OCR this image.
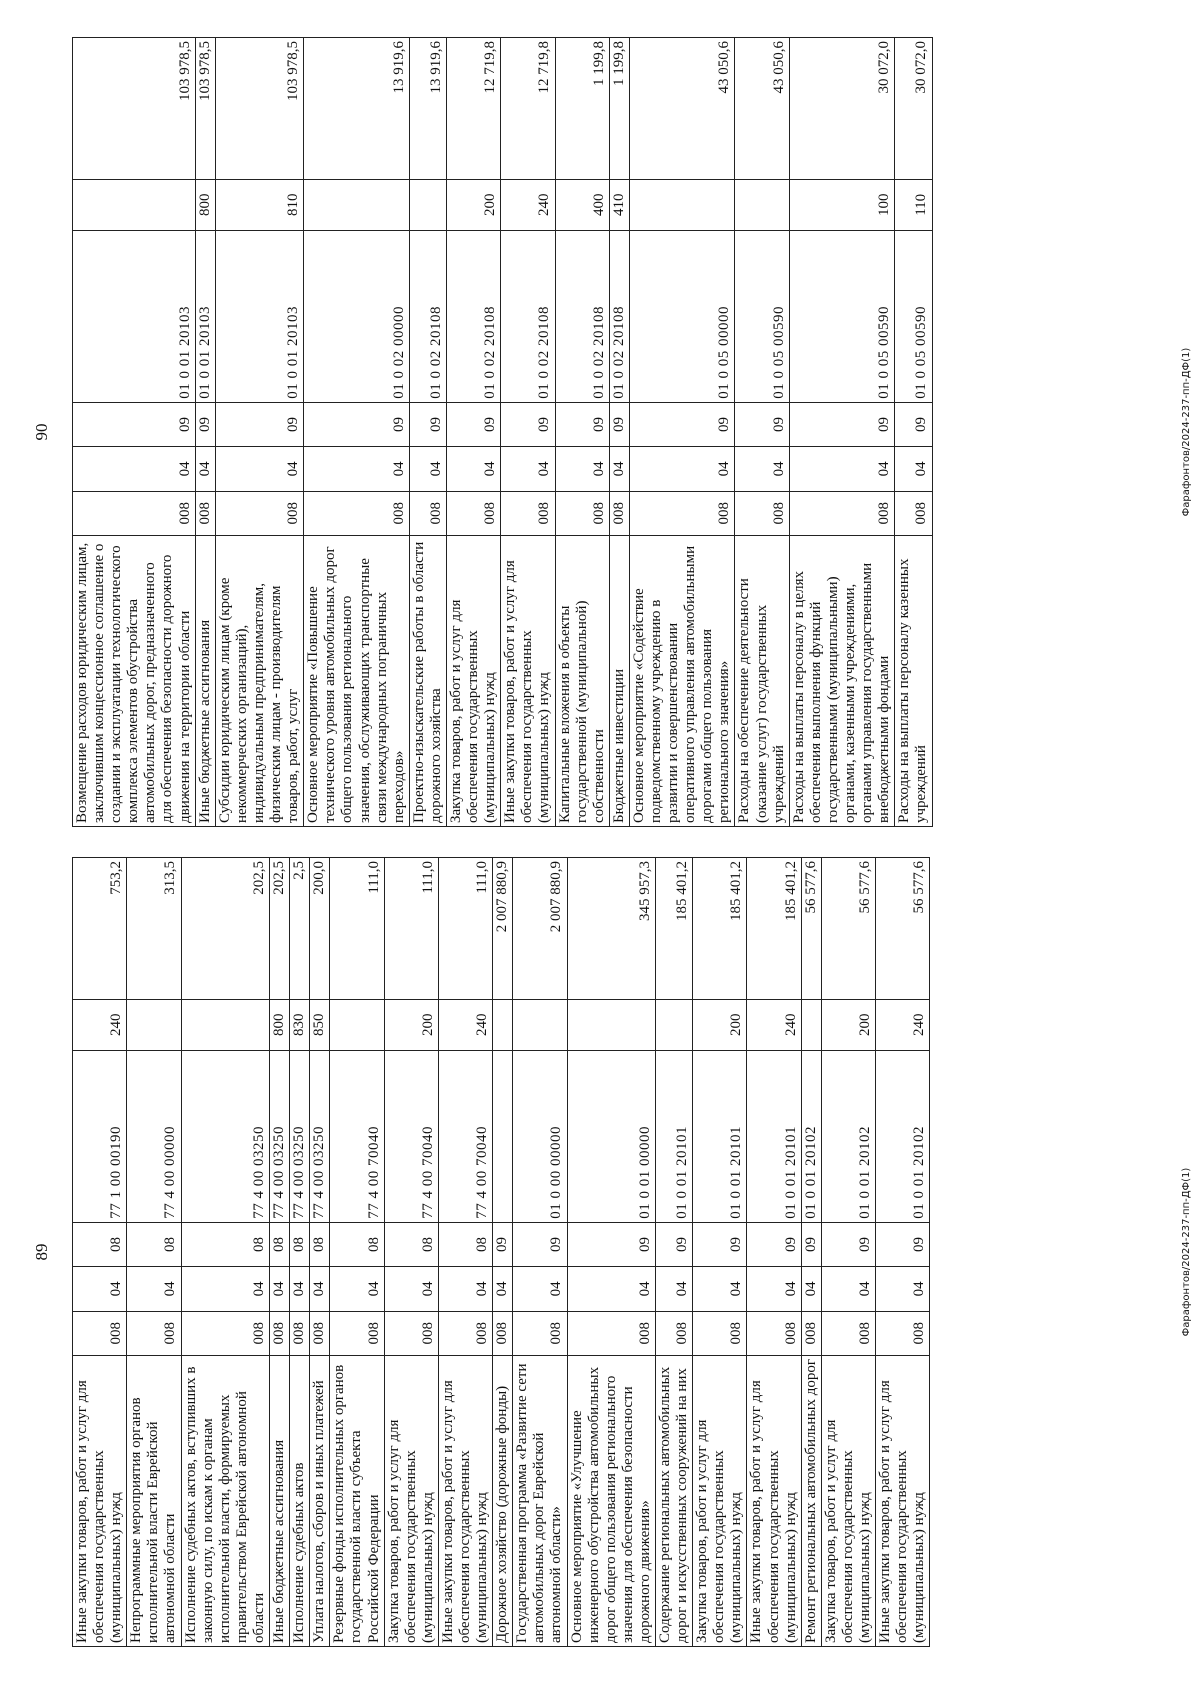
89
Иные закупки товаров, работ и услуг для обеспечения государственных (муниципальных) нужд	008	04	08	77 1 00 00190	240	753,2
Непрограммные мероприятия органов исполнительной власти Еврейской автономной области	008	04	08	77 4 00 00000		313,5
Исполнение судебных актов, вступивших в законную силу, по искам к органам исполнительной власти, формируемых правительством Еврейской автономной области	008	04	08	77 4 00 03250		202,5
Иные бюджетные ассигнования	008	04	08	77 4 00 03250	800	202,5
Исполнение судебных актов	008	04	08	77 4 00 03250	830	2,5
Уплата налогов, сборов и иных платежей	008	04	08	77 4 00 03250	850	200,0
Резервные фонды исполнительных органов государственной власти субъекта Российской Федерации	008	04	08	77 4 00 70040		111,0
Закупка товаров, работ и услуг для обеспечения государственных (муниципальных) нужд	008	04	08	77 4 00 70040	200	111,0
Иные закупки товаров, работ и услуг для обеспечения государственных (муниципальных) нужд	008	04	08	77 4 00 70040	240	111,0
Дорожное хозяйство (дорожные фонды)	008	04	09			2 007 880,9
Государственная программа «Развитие сети автомобильных дорог Еврейской автономной области»	008	04	09	01 0 00 00000		2 007 880,9
Основное мероприятие «Улучшение инженерного обустройства автомобильных дорог общего пользования регионального значения для обеспечения безопасности дорожного движения»	008	04	09	01 0 01 00000		345 957,3
Содержание региональных автомобильных дорог и искусственных сооружений на них	008	04	09	01 0 01 20101		185 401,2
Закупка товаров, работ и услуг для обеспечения государственных (муниципальных) нужд	008	04	09	01 0 01 20101	200	185 401,2
Иные закупки товаров, работ и услуг для обеспечения государственных (муниципальных) нужд	008	04	09	01 0 01 20101	240	185 401,2
Ремонт региональных автомобильных дорог	008	04	09	01 0 01 20102		56 577,6
Закупка товаров, работ и услуг для обеспечения государственных (муниципальных) нужд	008	04	09	01 0 01 20102	200	56 577,6
Иные закупки товаров, работ и услуг для обеспечения государственных (муниципальных) нужд	008	04	09	01 0 01 20102	240	56 577,6
90
Возмещение расходов юридическим лицам, заключившим концессионное соглашение о создании и эксплуатации технологического комплекса элементов обустройства автомобильных дорог, предназначенного для обеспечения безопасности дорожного движения на территории области	008	04	09	01 0 01 20103		103 978,5
Иные бюджетные ассигнования	008	04	09	01 0 01 20103	800	103 978,5
Субсидии юридическим лицам (кроме некоммерческих организаций), индивидуальным предпринимателям, физическим лицам - производителям товаров, работ, услуг	008	04	09	01 0 01 20103	810	103 978,5
Основное мероприятие «Повышение технического уровня автомобильных дорог общего пользования регионального значения, обслуживающих транспортные связи международных пограничных переходов»	008	04	09	01 0 02 00000		13 919,6
Проектно-изыскательские работы в области дорожного хозяйства	008	04	09	01 0 02 20108		13 919,6
Закупка товаров, работ и услуг для обеспечения государственных (муниципальных) нужд	008	04	09	01 0 02 20108	200	12 719,8
Иные закупки товаров, работ и услуг для обеспечения государственных (муниципальных) нужд	008	04	09	01 0 02 20108	240	12 719,8
Капитальные вложения в объекты государственной (муниципальной) собственности	008	04	09	01 0 02 20108	400	1 199,8
Бюджетные инвестиции	008	04	09	01 0 02 20108	410	1 199,8
Основное мероприятие «Содействие подведомственному учреждению в развитии и совершенствовании оперативного управления автомобильными дорогами общего пользования регионального значения»	008	04	09	01 0 05 00000		43 050,6
Расходы на обеспечение деятельности (оказание услуг) государственных учреждений	008	04	09	01 0 05 00590		43 050,6
Расходы на выплаты персоналу в целях обеспечения выполнения функций государственными (муниципальными) органами, казенными учреждениями, органами управления государственными внебюджетными фондами	008	04	09	01 0 05 00590	100	30 072,0
Расходы на выплаты персоналу казенных учреждений	008	04	09	01 0 05 00590	110	30 072,0
Фарафонтов/2024-237-пп-ДФ(1)
Фарафонтов/2024-237-пп-ДФ(1)
